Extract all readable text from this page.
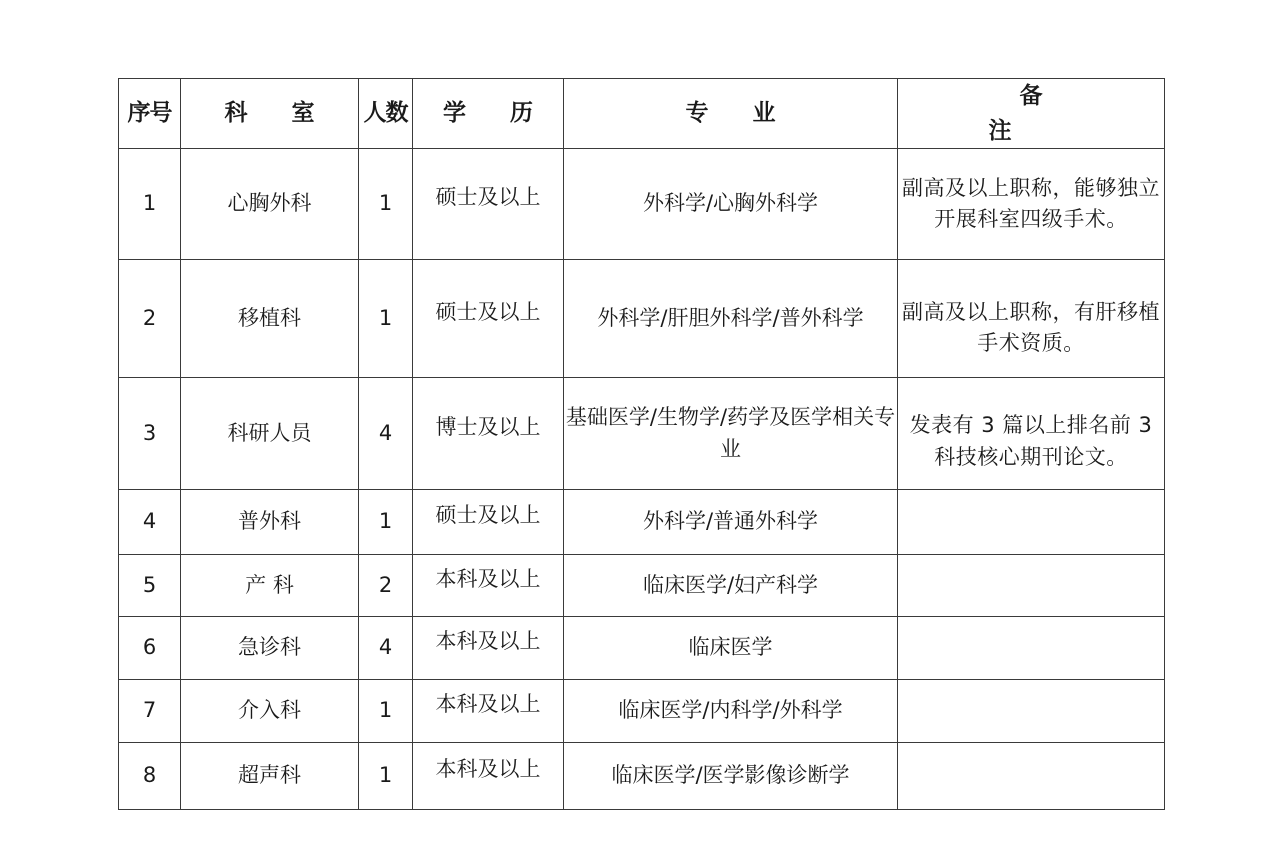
序号	科 室	人数	学 历	专 业	备 注
1	心胸外科	1	硕士及以上	外科学/心胸外科学	副高及以上职称，能够独立开展科室四级手术。
2	移植科	1	硕士及以上	外科学/肝胆外科学/普外科学	副高及以上职称，有肝移植手术资质。
3	科研人员	4	博士及以上	基础医学/生物学/药学及医学相关专业	发表有 3 篇以上排名前 3 科技核心期刊论文。
4	普外科	1	硕士及以上	外科学/普通外科学	
5	产 科	2	本科及以上	临床医学/妇产科学	
6	急诊科	4	本科及以上	临床医学	
7	介入科	1	本科及以上	临床医学/内科学/外科学	
8	超声科	1	本科及以上	临床医学/医学影像诊断学	
